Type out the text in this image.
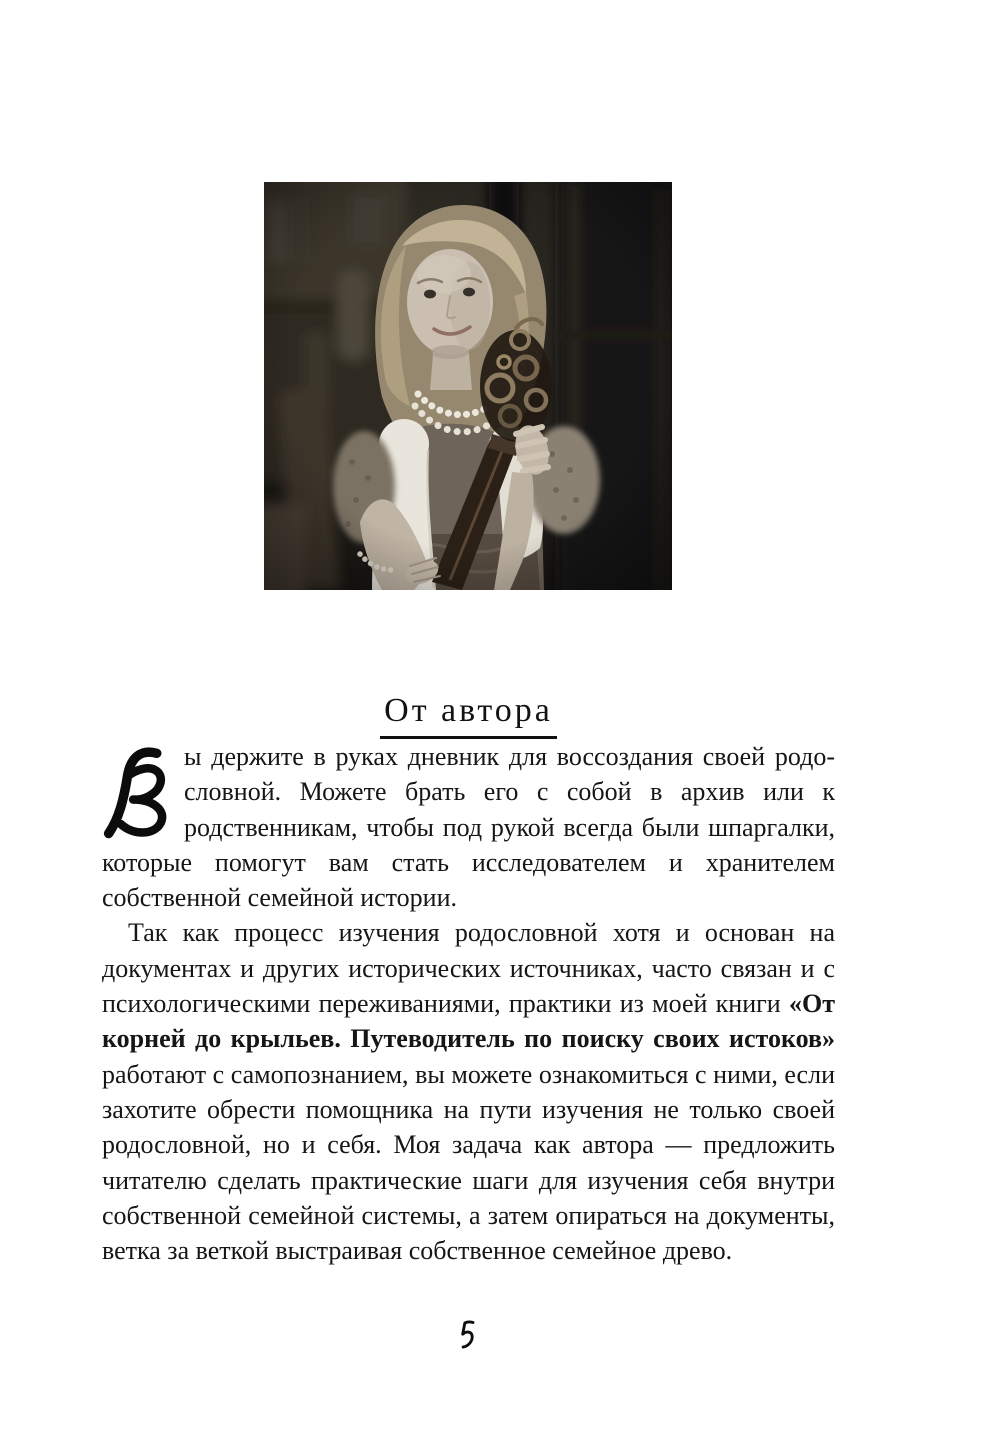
От автора

ы держите в руках дневник для воссоздания своей родословной. Можете брать его с собой в архив или к родственникам, чтобы под рукой всегда были шпаргалки, которые помогут вам стать исследователем и хранителем собственной семейной истории.

Так как процесс изучения родословной хотя и основан на документах и других исторических источниках, часто связан и с психологическими переживаниями, практики из моей книги «От корней до крыльев. Путеводитель по поиску своих истоков» работают с самопознанием, вы можете ознакомиться с ними, если захотите обрести помощника на пути изучения не только своей родословной, но и себя. Моя задача как автора — предложить читателю сделать практические шаги для изучения себя внутри собственной семейной системы, а затем опираться на документы, ветка за веткой выстраивая собственное семейное древо.
